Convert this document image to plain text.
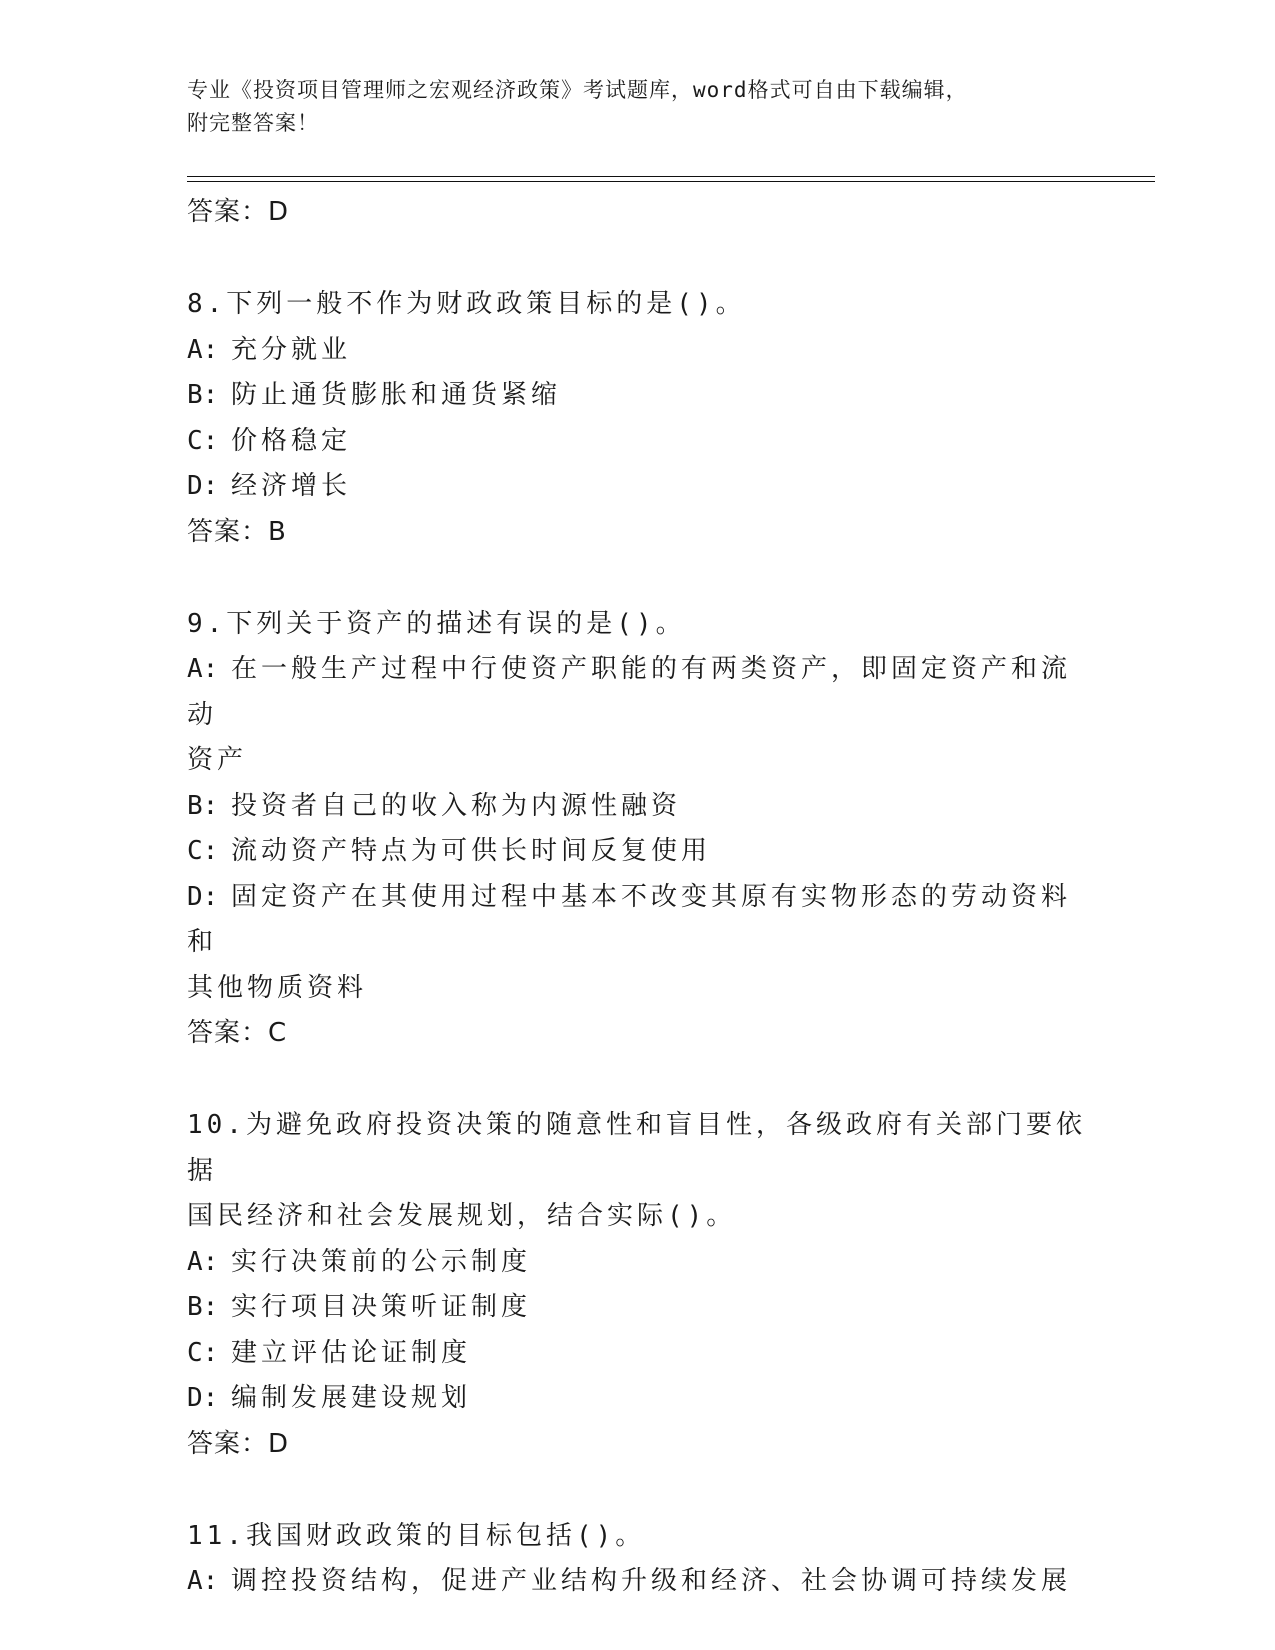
专业《投资项目管理师之宏观经济政策》考试题库，word格式可自由下载编辑，
附完整答案！
答案：D
8.下列一般不作为财政政策目标的是()。
A: 充分就业
B: 防止通货膨胀和通货紧缩
C: 价格稳定
D: 经济增长
答案：B
9.下列关于资产的描述有误的是()。
A: 在一般生产过程中行使资产职能的有两类资产，即固定资产和流动
资产
B: 投资者自己的收入称为内源性融资
C: 流动资产特点为可供长时间反复使用
D: 固定资产在其使用过程中基本不改变其原有实物形态的劳动资料和
其他物质资料
答案：C
10.为避免政府投资决策的随意性和盲目性，各级政府有关部门要依据
国民经济和社会发展规划，结合实际()。
A: 实行决策前的公示制度
B: 实行项目决策听证制度
C: 建立评估论证制度
D: 编制发展建设规划
答案：D
11.我国财政政策的目标包括()。
A: 调控投资结构，促进产业结构升级和经济、社会协调可持续发展
